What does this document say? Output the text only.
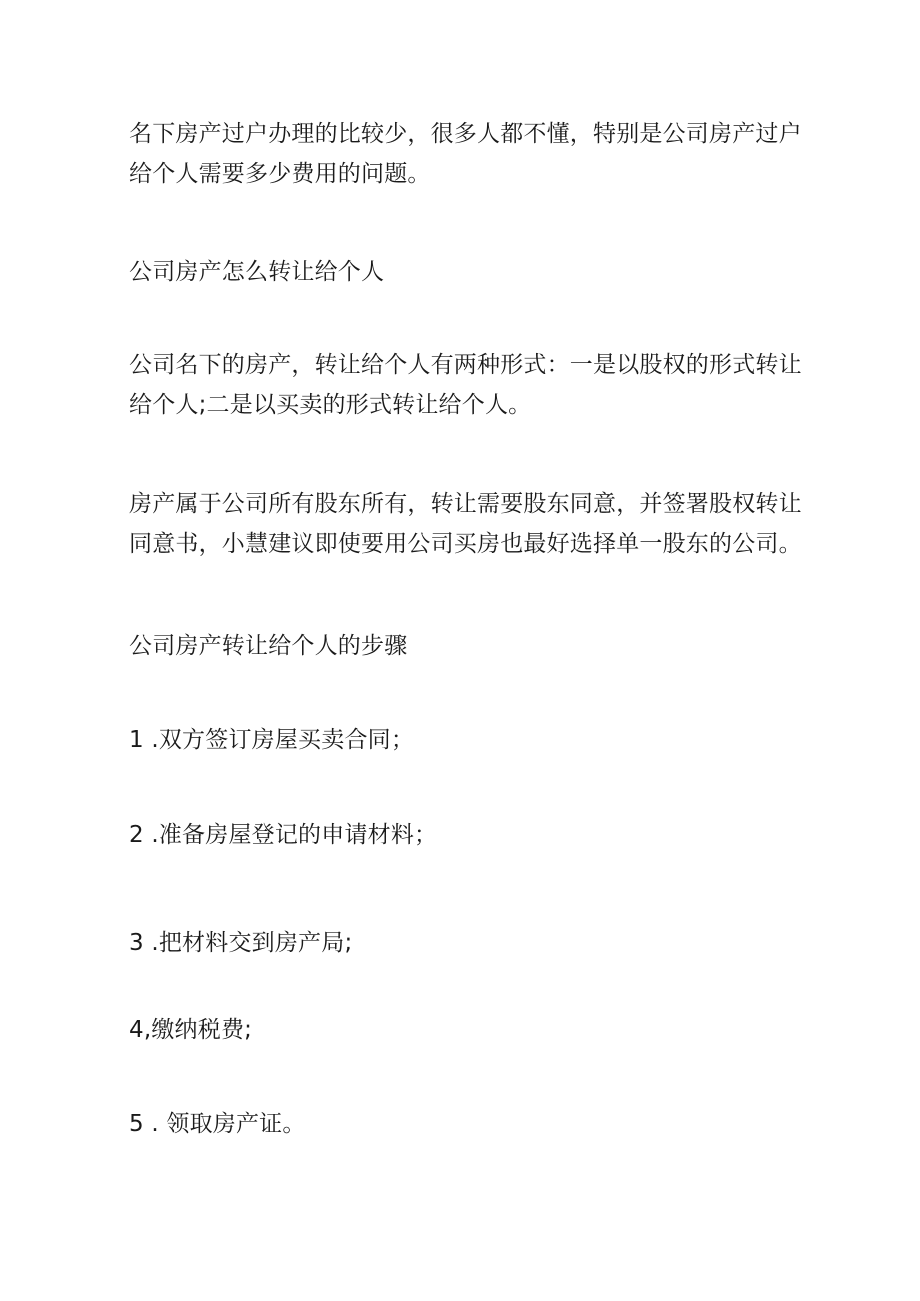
名下房产过户办理的比较少，很多人都不懂，特别是公司房产过户
给个人需要多少费用的问题。

公司房产怎么转让给个人

公司名下的房产，转让给个人有两种形式：一是以股权的形式转让
给个人;二是以买卖的形式转让给个人。

房产属于公司所有股东所有，转让需要股东同意，并签署股权转让
同意书，小慧建议即使要用公司买房也最好选择单一股东的公司。

公司房产转让给个人的步骤

1 .双方签订房屋买卖合同；

2 .准备房屋登记的申请材料；

3 .把材料交到房产局;

4,缴纳税费;

5 . 领取房产证。
